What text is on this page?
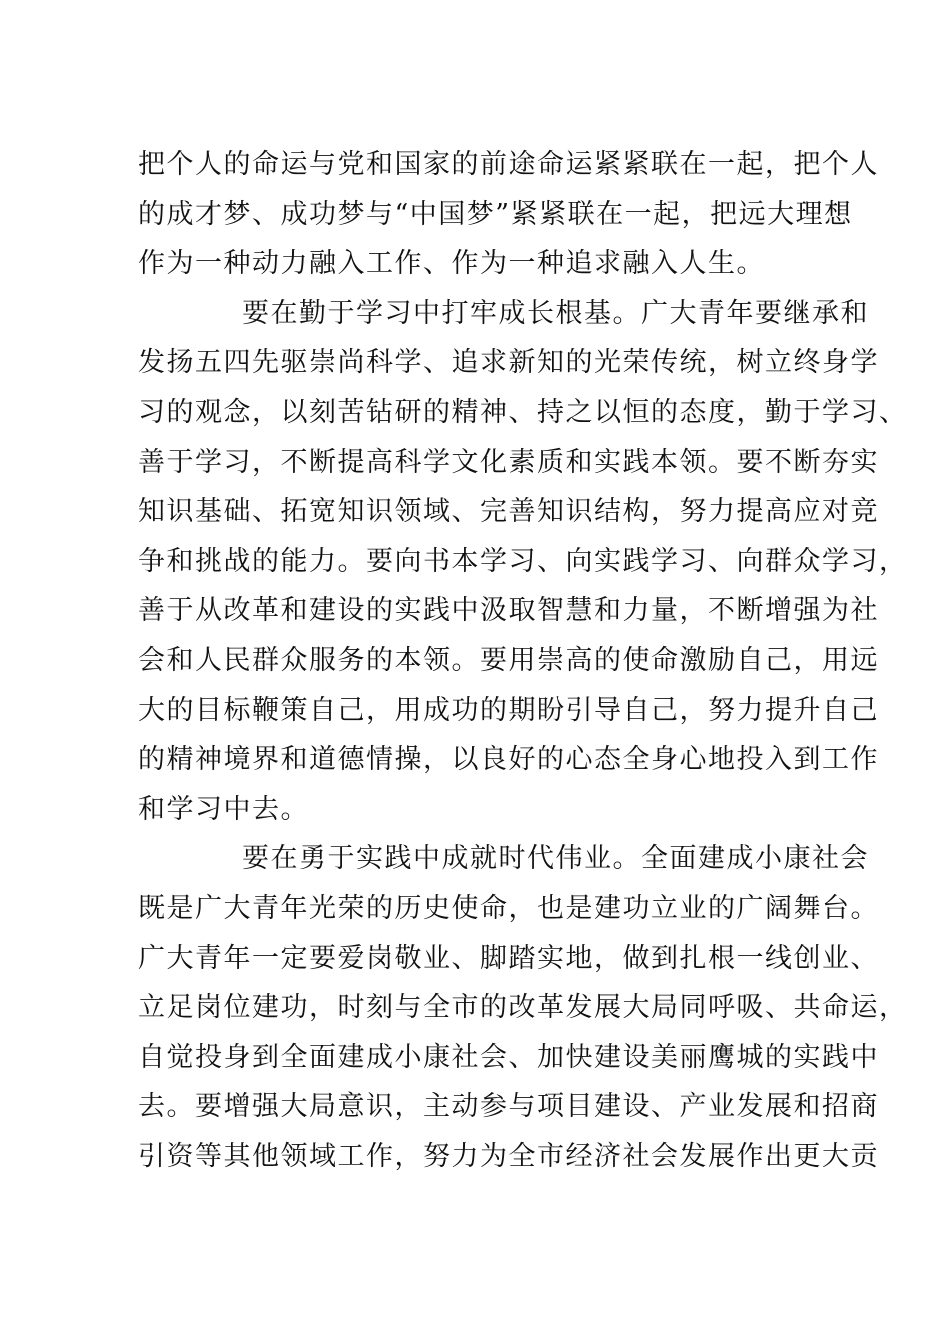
把个人的命运与党和国家的前途命运紧紧联在一起，把个人
的成才梦、成功梦与“中国梦”紧紧联在一起，把远大理想
作为一种动力融入工作、作为一种追求融入人生。
要在勤于学习中打牢成长根基。广大青年要继承和
发扬五四先驱崇尚科学、追求新知的光荣传统，树立终身学
习的观念，以刻苦钻研的精神、持之以恒的态度，勤于学习、
善于学习，不断提高科学文化素质和实践本领。要不断夯实
知识基础、拓宽知识领域、完善知识结构，努力提高应对竞
争和挑战的能力。要向书本学习、向实践学习、向群众学习，
善于从改革和建设的实践中汲取智慧和力量，不断增强为社
会和人民群众服务的本领。要用崇高的使命激励自己，用远
大的目标鞭策自己，用成功的期盼引导自己，努力提升自己
的精神境界和道德情操，以良好的心态全身心地投入到工作
和学习中去。
要在勇于实践中成就时代伟业。全面建成小康社会
既是广大青年光荣的历史使命，也是建功立业的广阔舞台。
广大青年一定要爱岗敬业、脚踏实地，做到扎根一线创业、
立足岗位建功，时刻与全市的改革发展大局同呼吸、共命运，
自觉投身到全面建成小康社会、加快建设美丽鹰城的实践中
去。要增强大局意识，主动参与项目建设、产业发展和招商
引资等其他领域工作，努力为全市经济社会发展作出更大贡
